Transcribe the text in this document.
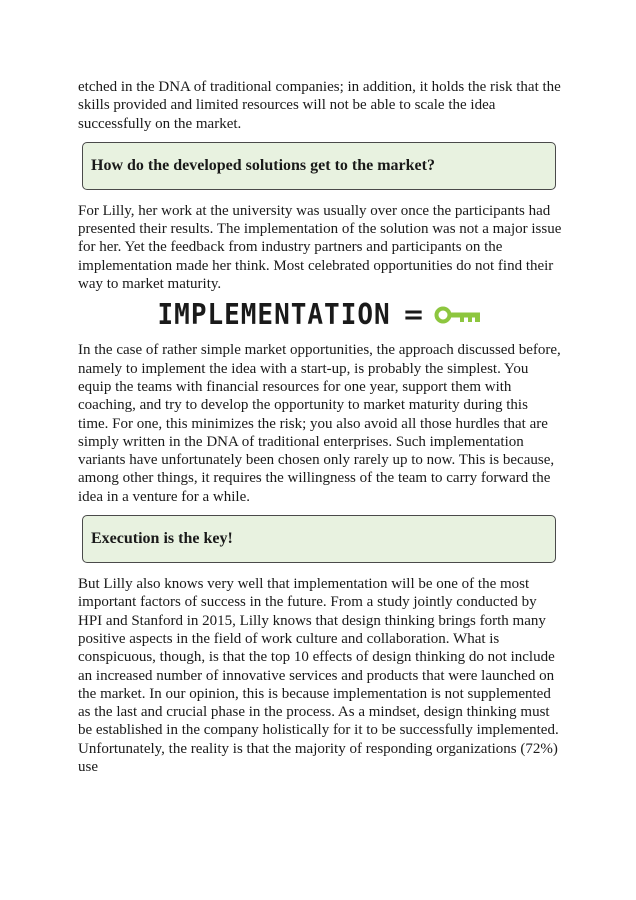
etched in the DNA of traditional companies; in addition, it holds the risk that the skills provided and limited resources will not be able to scale the idea successfully on the market.

How do the developed solutions get to the market?

For Lilly, her work at the university was usually over once the participants had presented their results. The implementation of the solution was not a major issue for her. Yet the feedback from industry partners and participants on the implementation made her think. Most celebrated opportunities do not find their way to market maturity.

IMPLEMENTATION =

In the case of rather simple market opportunities, the approach discussed before, namely to implement the idea with a start-up, is probably the simplest. You equip the teams with financial resources for one year, support them with coaching, and try to develop the opportunity to market maturity during this time. For one, this minimizes the risk; you also avoid all those hurdles that are simply written in the DNA of traditional enterprises. Such implementation variants have unfortunately been chosen only rarely up to now. This is because, among other things, it requires the willingness of the team to carry forward the idea in a venture for a while.

Execution is the key!

But Lilly also knows very well that implementation will be one of the most important factors of success in the future. From a study jointly conducted by HPI and Stanford in 2015, Lilly knows that design thinking brings forth many positive aspects in the field of work culture and collaboration. What is conspicuous, though, is that the top 10 effects of design thinking do not include an increased number of innovative services and products that were launched on the market. In our opinion, this is because implementation is not supplemented as the last and crucial phase in the process. As a mindset, design thinking must be established in the company holistically for it to be successfully implemented. Unfortunately, the reality is that the majority of responding organizations (72%) use
